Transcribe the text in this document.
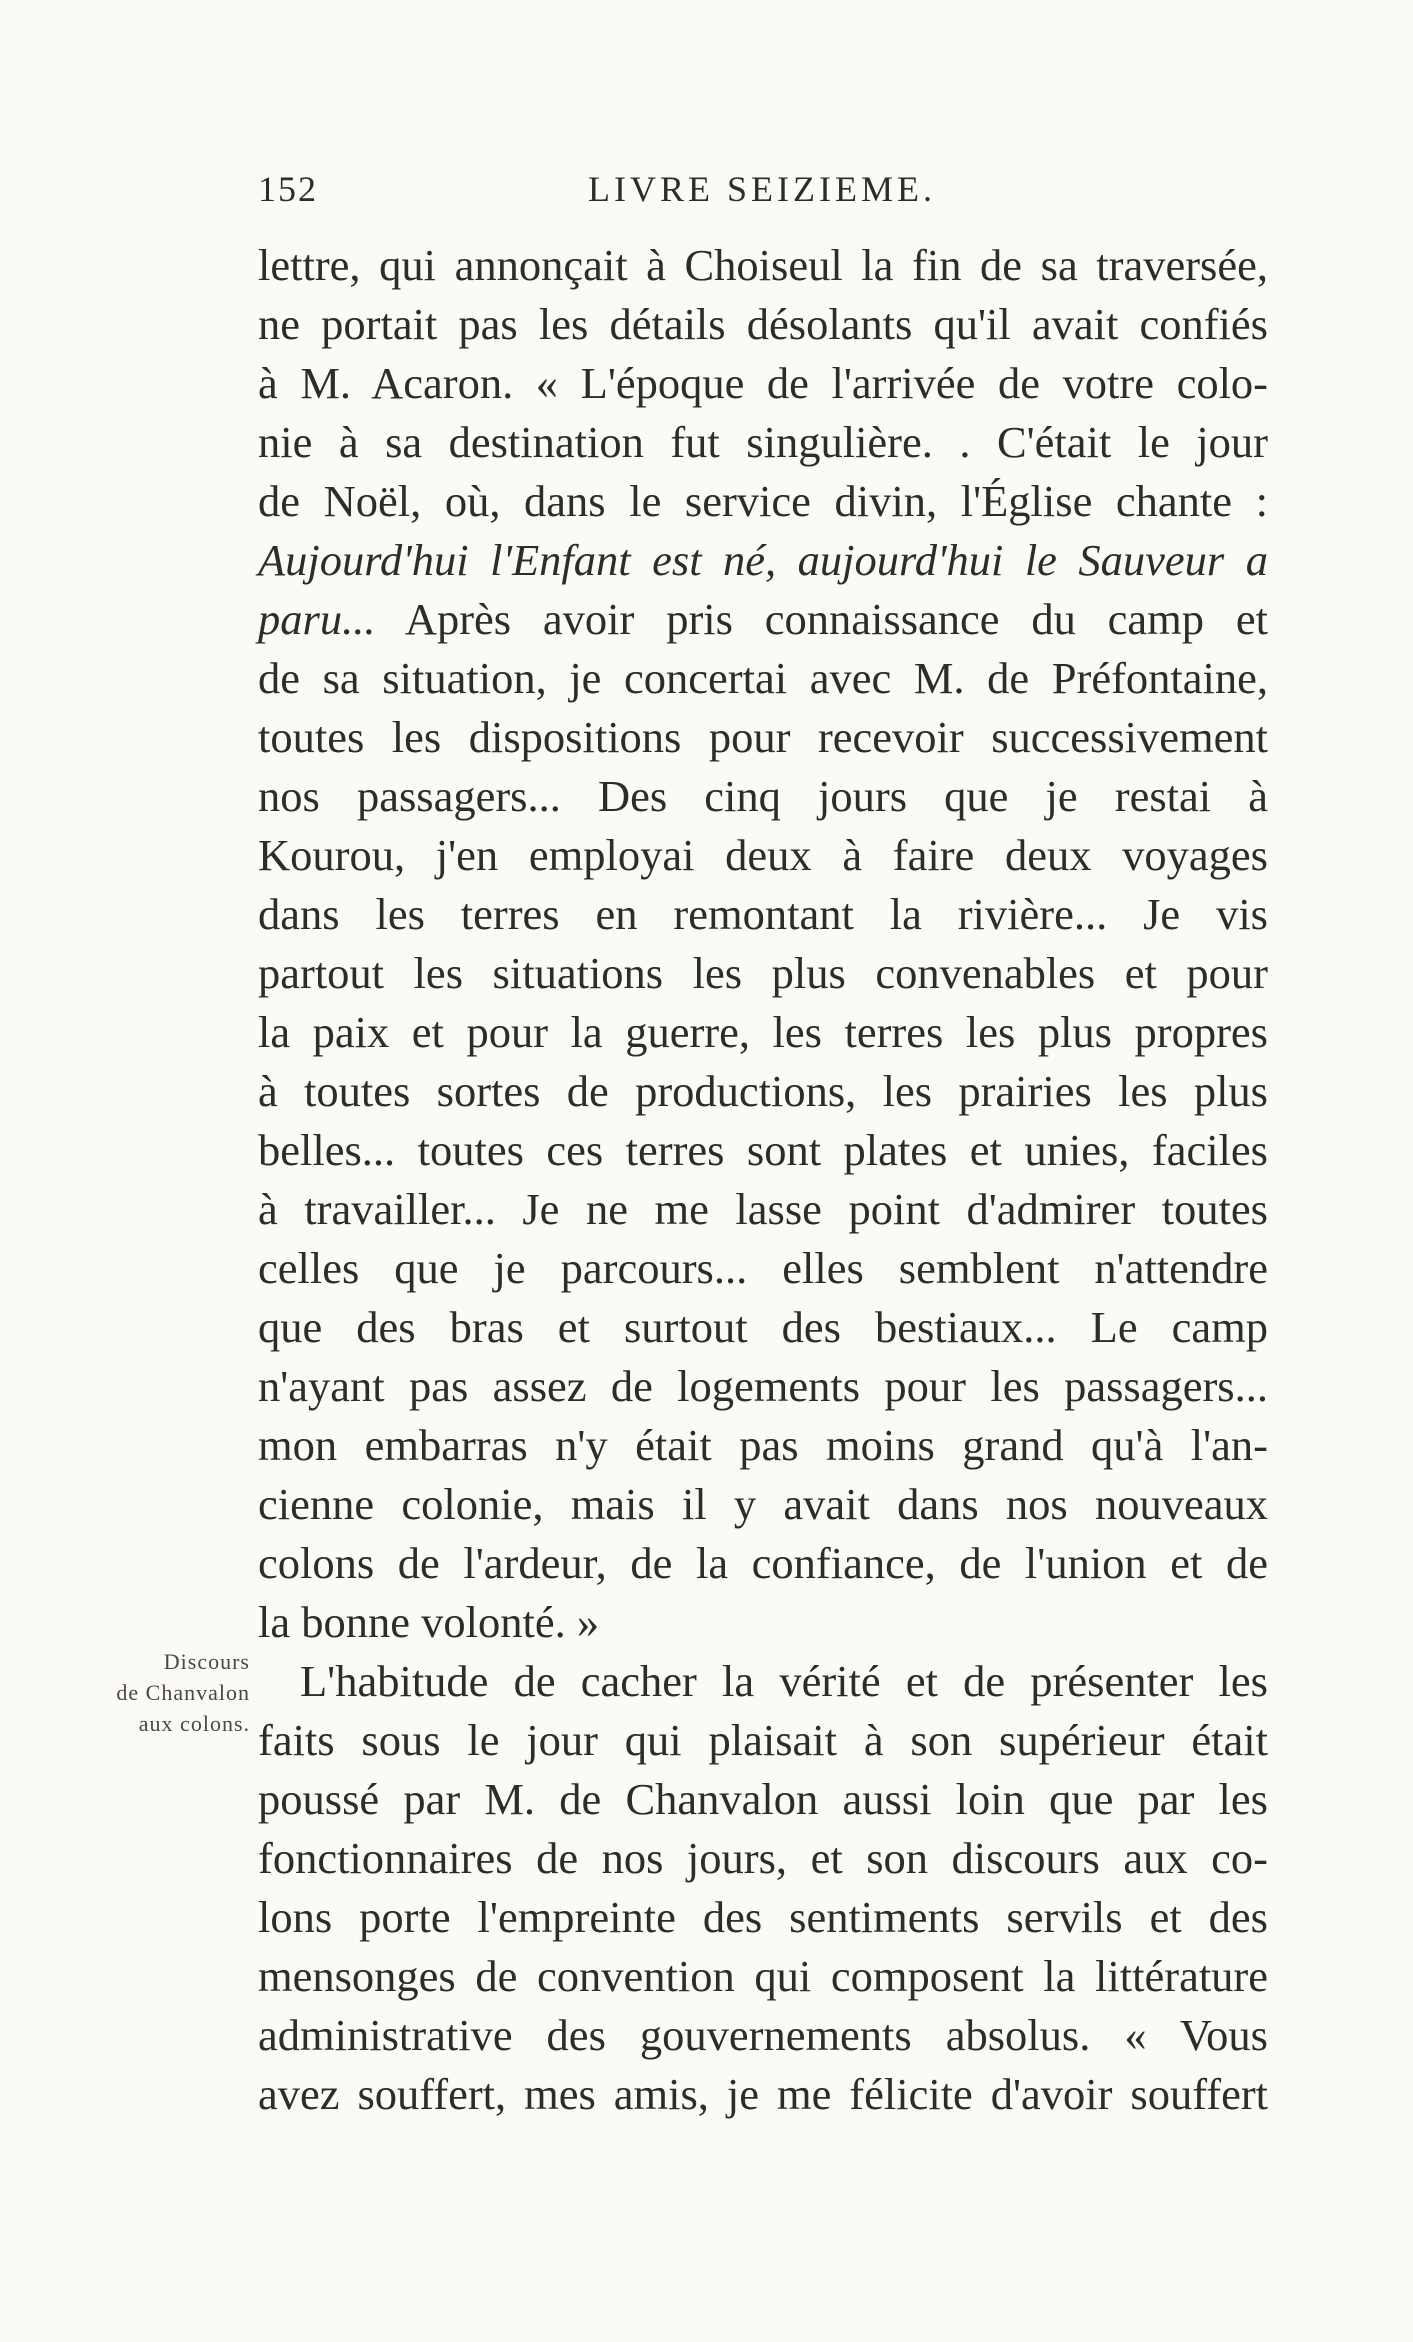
152	LIVRE SEIZIEME.
Discours
de Chanvalon
aux colons.
lettre, qui annonçait à Choiseul la fin de sa traversée,
ne portait pas les détails désolants qu'il avait confiés
à M. Acaron. « L'époque de l'arrivée de votre colo-
nie à sa destination fut singulière. . C'était le jour
de Noël, où, dans le service divin, l'Église chante :
Aujourd'hui l'Enfant est né, aujourd'hui le Sauveur a
paru... Après avoir pris connaissance du camp et
de sa situation, je concertai avec M. de Préfontaine,
toutes les dispositions pour recevoir successivement
nos passagers... Des cinq jours que je restai à
Kourou, j'en employai deux à faire deux voyages
dans les terres en remontant la rivière... Je vis
partout les situations les plus convenables et pour
la paix et pour la guerre, les terres les plus propres
à toutes sortes de productions, les prairies les plus
belles... toutes ces terres sont plates et unies, faciles
à travailler... Je ne me lasse point d'admirer toutes
celles que je parcours... elles semblent n'attendre
que des bras et surtout des bestiaux... Le camp
n'ayant pas assez de logements pour les passagers...
mon embarras n'y était pas moins grand qu'à l'an-
cienne colonie, mais il y avait dans nos nouveaux
colons de l'ardeur, de la confiance, de l'union et de
la bonne volonté. »
L'habitude de cacher la vérité et de présenter les
faits sous le jour qui plaisait à son supérieur était
poussé par M. de Chanvalon aussi loin que par les
fonctionnaires de nos jours, et son discours aux co-
lons porte l'empreinte des sentiments servils et des
mensonges de convention qui composent la littérature
administrative des gouvernements absolus. « Vous
avez souffert, mes amis, je me félicite d'avoir souffert
